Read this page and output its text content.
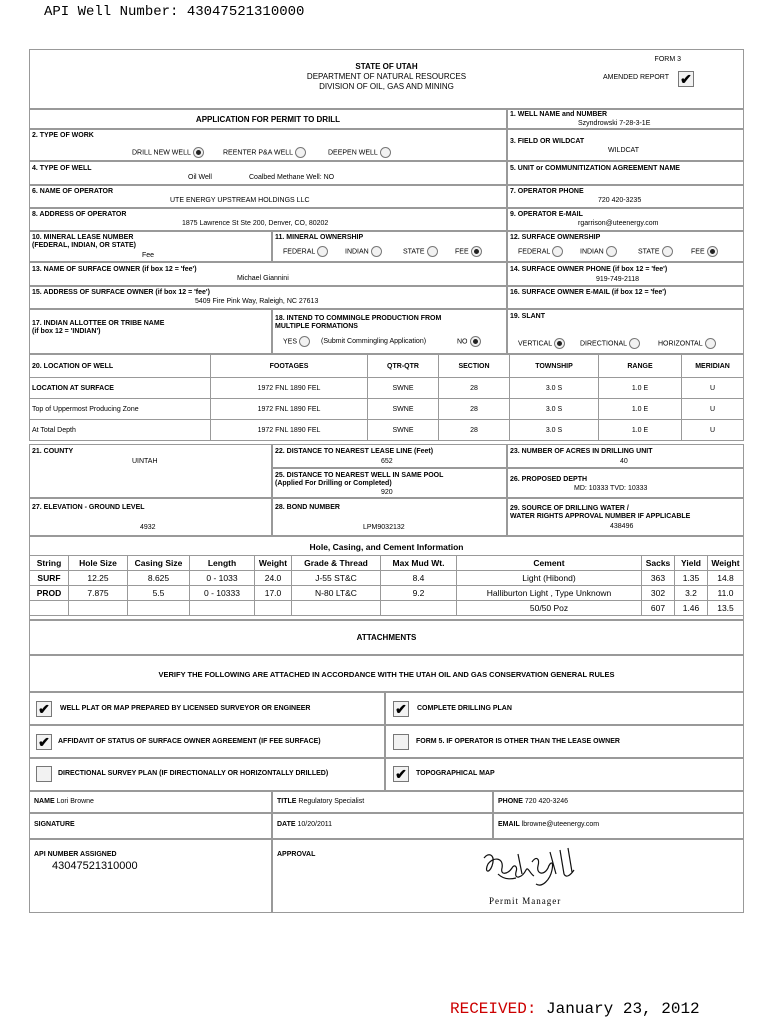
API Well Number: 43047521310000
STATE OF UTAH
DEPARTMENT OF NATURAL RESOURCES
DIVISION OF OIL, GAS AND MINING
FORM 3
AMENDED REPORT ✔
APPLICATION FOR PERMIT TO DRILL
1. WELL NAME and NUMBER
Szyndrowski 7-28-3-1E
2. TYPE OF WORK
DRILL NEW WELL	REENTER P&A WELL	DEEPEN WELL
3. FIELD OR WILDCAT
WILDCAT
4. TYPE OF WELL
Oil Well	Coalbed Methane Well: NO
5. UNIT or COMMUNITIZATION AGREEMENT NAME
6. NAME OF OPERATOR
UTE ENERGY UPSTREAM HOLDINGS LLC
7. OPERATOR PHONE
720 420-3235
8. ADDRESS OF OPERATOR
1875 Lawrence St Ste 200, Denver, CO, 80202
9. OPERATOR E-MAIL
rgarrison@uteenergy.com
10. MINERAL LEASE NUMBER
(FEDERAL, INDIAN, OR STATE)
Fee
11. MINERAL OWNERSHIP
FEDERAL	INDIAN	STATE	FEE
12. SURFACE OWNERSHIP
FEDERAL	INDIAN	STATE	FEE
13. NAME OF SURFACE OWNER (if box 12 = 'fee')
Michael Giannini
14. SURFACE OWNER PHONE (if box 12 = 'fee')
919-749-2118
15. ADDRESS OF SURFACE OWNER (if box 12 = 'fee')
5409 Fire Pink Way, Raleigh, NC 27613
16. SURFACE OWNER E-MAIL (if box 12 = 'fee')
17. INDIAN ALLOTTEE OR TRIBE NAME
(if box 12 = 'INDIAN')
18. INTEND TO COMMINGLE PRODUCTION FROM
MULTIPLE FORMATIONS
YES	(Submit Commingling Application)	NO
19. SLANT
VERTICAL	DIRECTIONAL	HORIZONTAL
20. LOCATION OF WELL	FOOTAGES	QTR-QTR	SECTION	TOWNSHIP	RANGE	MERIDIAN
LOCATION AT SURFACE	1972 FNL 1890 FEL	SWNE	28	3.0 S	1.0 E	U
Top of Uppermost Producing Zone	1972 FNL 1890 FEL	SWNE	28	3.0 S	1.0 E	U
At Total Depth	1972 FNL 1890 FEL	SWNE	28	3.0 S	1.0 E	U
21. COUNTY
UINTAH
22. DISTANCE TO NEAREST LEASE LINE (Feet)
652
23. NUMBER OF ACRES IN DRILLING UNIT
40
25. DISTANCE TO NEAREST WELL IN SAME POOL
(Applied For Drilling or Completed)
920
26. PROPOSED DEPTH
MD: 10333 TVD: 10333
27. ELEVATION - GROUND LEVEL
4932
28. BOND NUMBER
LPM9032132
29. SOURCE OF DRILLING WATER /
WATER RIGHTS APPROVAL NUMBER IF APPLICABLE
438496
Hole, Casing, and Cement Information
String	Hole Size	Casing Size	Length	Weight	Grade & Thread	Max Mud Wt.	Cement	Sacks	Yield	Weight
SURF	12.25	8.625	0 - 1033	24.0	J-55 ST&C	8.4	Light (Hibond)	363	1.35	14.8
PROD	7.875	5.5	0 - 10333	17.0	N-80 LT&C	9.2	Halliburton Light , Type Unknown	302	3.2	11.0
							50/50 Poz	607	1.46	13.5
ATTACHMENTS
VERIFY THE FOLLOWING ARE ATTACHED IN ACCORDANCE WITH THE UTAH OIL AND GAS CONSERVATION GENERAL RULES
✔	WELL PLAT OR MAP PREPARED BY LICENSED SURVEYOR OR ENGINEER	✔	COMPLETE DRILLING PLAN
✔	AFFIDAVIT OF STATUS OF SURFACE OWNER AGREEMENT (IF FEE SURFACE)	FORM 5. IF OPERATOR IS OTHER THAN THE LEASE OWNER
DIRECTIONAL SURVEY PLAN (IF DIRECTIONALLY OR HORIZONTALLY DRILLED)	✔	TOPOGRAPHICAL MAP
NAME Lori Browne	TITLE Regulatory Specialist	PHONE 720 420-3246
SIGNATURE	DATE 10/20/2011	EMAIL lbrowne@uteenergy.com
API NUMBER ASSIGNED
43047521310000
APPROVAL
Permit Manager
RECEIVED: January 23, 2012
